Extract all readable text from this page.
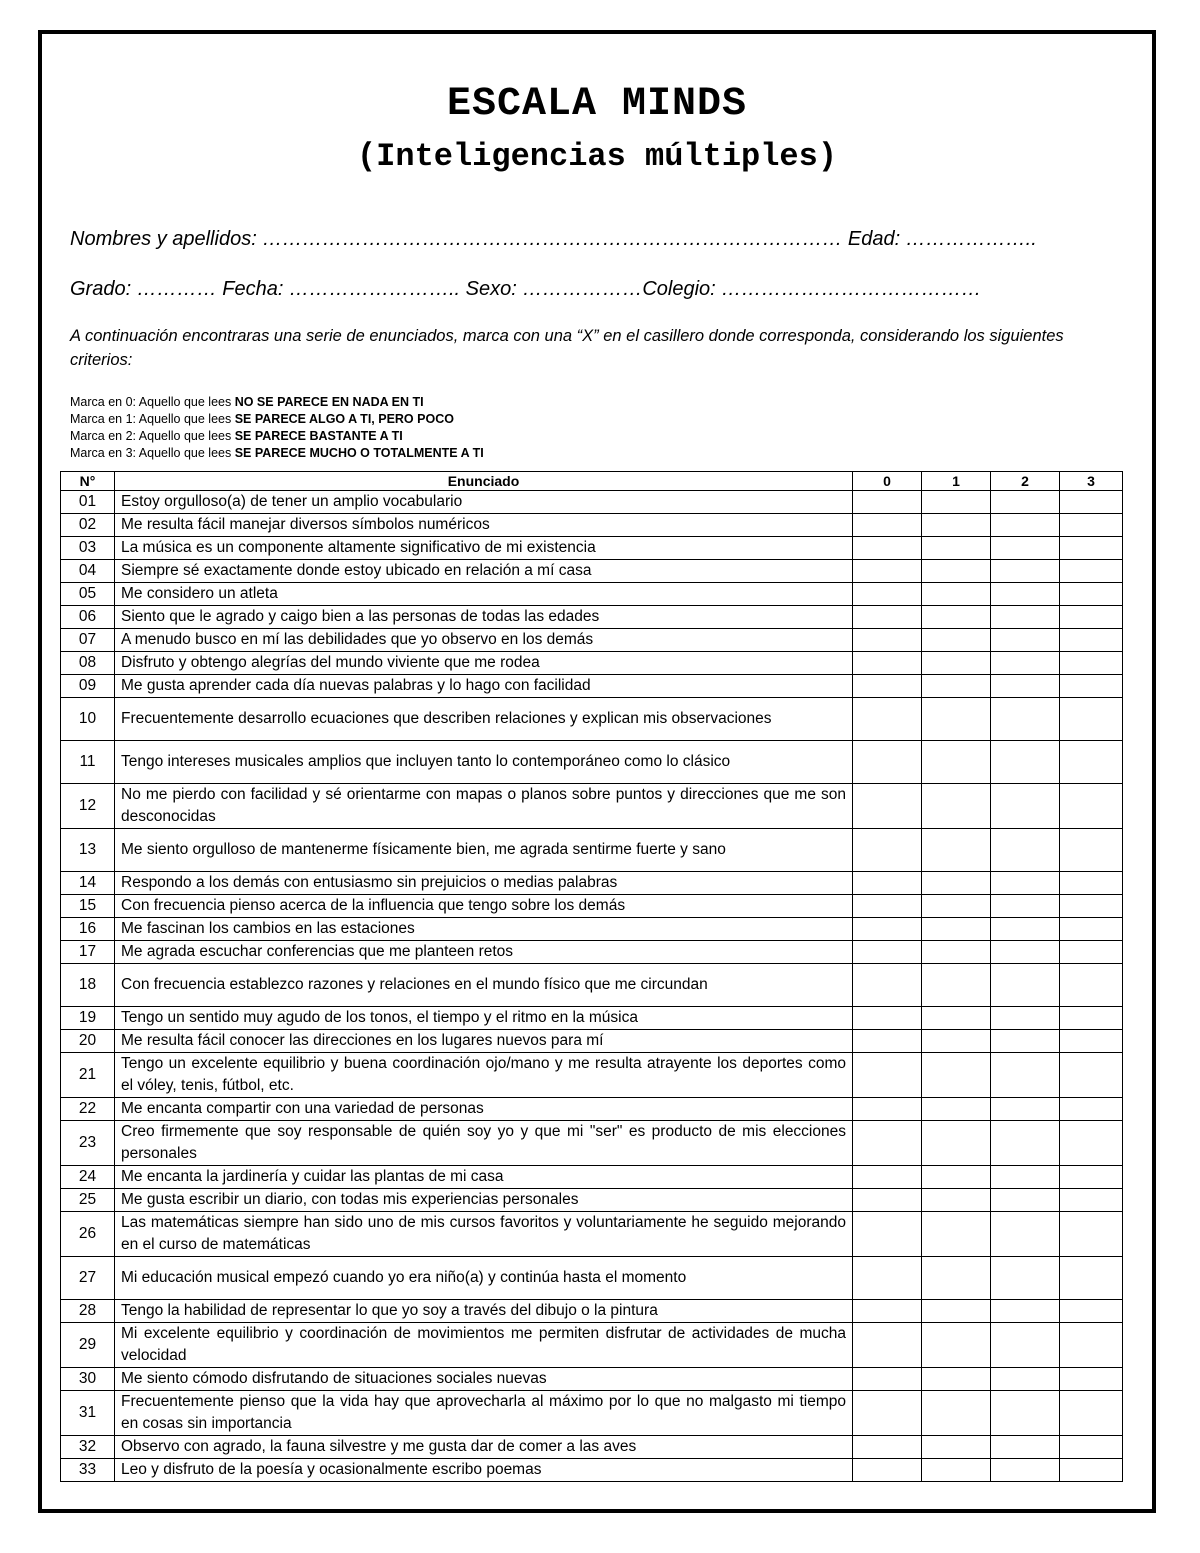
ESCALA MINDS
(Inteligencias múltiples)
Nombres y apellidos: …………………………………………………………………………… Edad: ………………..
Grado: ………… Fecha: …………………….. Sexo: ………………Colegio: …………………………………
A continuación encontraras una serie de enunciados, marca con una “X” en el casillero donde corresponda, considerando los siguientes criterios:
Marca en 0: Aquello que lees NO SE PARECE EN NADA EN TI
Marca en 1: Aquello que lees SE PARECE ALGO A TI, PERO POCO
Marca en 2: Aquello que lees SE PARECE BASTANTE A TI
Marca en 3: Aquello que lees SE PARECE MUCHO O TOTALMENTE A TI
N°	Enunciado	0	1	2	3
01	Estoy orgulloso(a) de tener un amplio vocabulario				
02	Me resulta fácil manejar diversos símbolos numéricos				
03	La música es un componente altamente significativo de mi existencia				
04	Siempre sé exactamente donde estoy ubicado en relación a mí casa				
05	Me considero un atleta				
06	Siento que le agrado y caigo bien a las personas de todas las edades				
07	A menudo busco en mí las debilidades que yo observo en los demás				
08	Disfruto y obtengo alegrías del mundo viviente que me rodea				
09	Me gusta aprender cada día nuevas palabras y lo hago con facilidad				
10	Frecuentemente desarrollo ecuaciones que describen relaciones y explican mis observaciones				
11	Tengo intereses musicales amplios que incluyen tanto lo contemporáneo como lo clásico				
12	No me pierdo con facilidad y sé orientarme con mapas o planos sobre puntos y direcciones que me son desconocidas				
13	Me siento orgulloso de mantenerme físicamente bien, me agrada sentirme fuerte y sano				
14	Respondo a los demás con entusiasmo sin prejuicios o medias palabras				
15	Con frecuencia pienso acerca de la influencia que tengo sobre los demás				
16	Me fascinan los cambios en las estaciones				
17	Me agrada escuchar conferencias que me planteen retos				
18	Con frecuencia establezco razones y relaciones en el mundo físico que me circundan				
19	Tengo un sentido muy agudo de los tonos, el tiempo y el ritmo en la música				
20	Me resulta fácil conocer las direcciones en los lugares nuevos para mí				
21	Tengo un excelente equilibrio y buena coordinación ojo/mano y me resulta atrayente los deportes como el vóley, tenis, fútbol, etc.				
22	Me encanta compartir con una variedad de personas				
23	Creo firmemente que soy responsable de quién soy yo y que mi "ser" es producto de mis elecciones personales				
24	Me encanta la jardinería y cuidar las plantas de mi casa				
25	Me gusta escribir un diario, con todas mis experiencias personales				
26	Las matemáticas siempre han sido uno de mis cursos favoritos y voluntariamente he seguido mejorando en el curso de matemáticas				
27	Mi educación musical empezó cuando yo era niño(a) y continúa hasta el momento				
28	Tengo la habilidad de representar lo que yo soy a través del dibujo o la pintura				
29	Mi excelente equilibrio y coordinación de movimientos me permiten disfrutar de actividades de mucha velocidad				
30	Me siento cómodo disfrutando de situaciones sociales nuevas				
31	Frecuentemente pienso que la vida hay que aprovecharla al máximo por lo que no malgasto mi tiempo en cosas sin importancia				
32	Observo con agrado, la fauna silvestre y me gusta dar de comer a las aves				
33	Leo y disfruto de la poesía y ocasionalmente escribo poemas				
